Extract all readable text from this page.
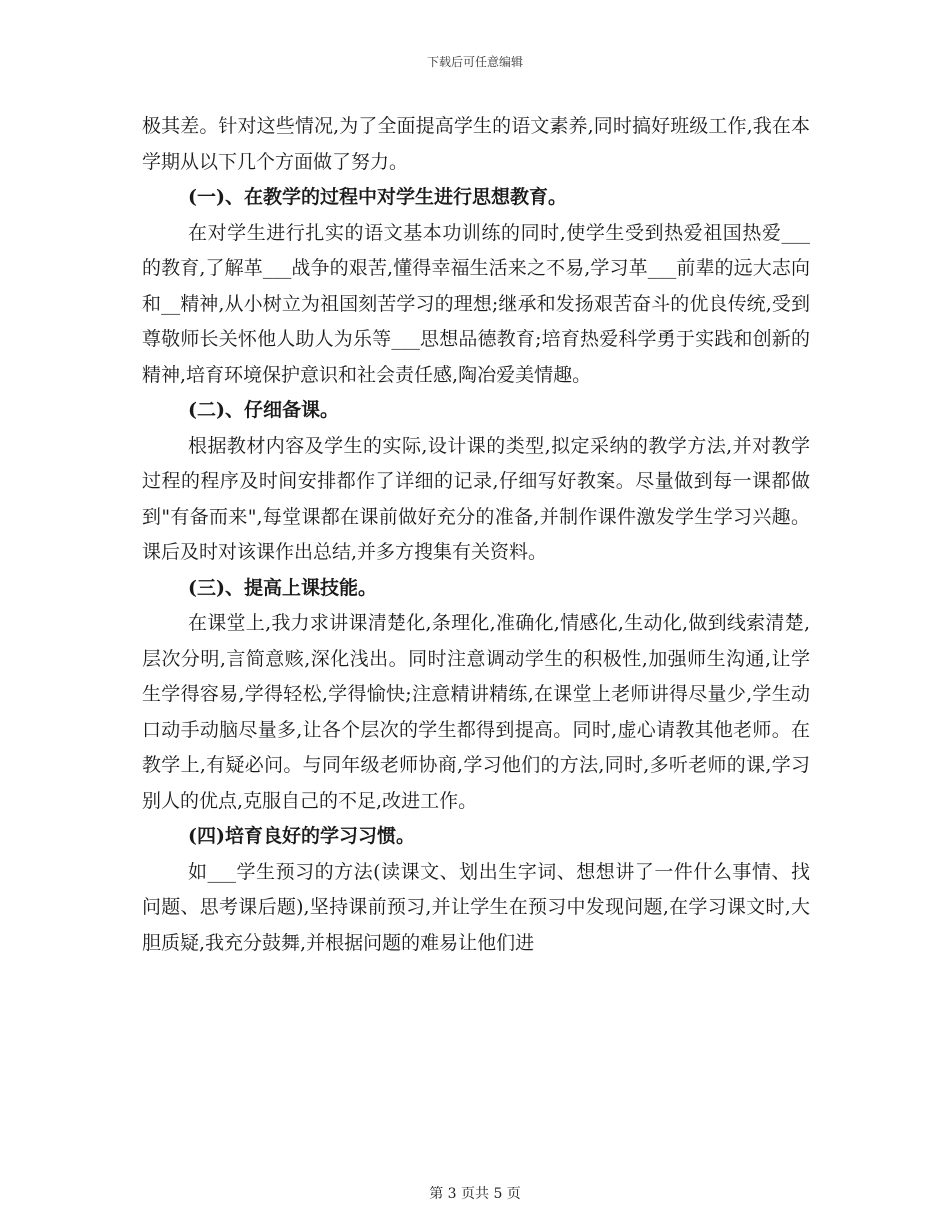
下载后可任意编辑

极其差。针对这些情况,为了全面提高学生的语文素养,同时搞好班级工作,我在本学期从以下几个方面做了努力。

(一)、在教学的过程中对学生进行思想教育。

在对学生进行扎实的语文基本功训练的同时,使学生受到热爱祖国热爱___的教育,了解革___战争的艰苦,懂得幸福生活来之不易,学习革___前辈的远大志向和__精神,从小树立为祖国刻苦学习的理想;继承和发扬艰苦奋斗的优良传统,受到尊敬师长关怀他人助人为乐等___思想品德教育;培育热爱科学勇于实践和创新的精神,培育环境保护意识和社会责任感,陶冶爱美情趣。

(二)、仔细备课。

根据教材内容及学生的实际,设计课的类型,拟定采纳的教学方法,并对教学过程的程序及时间安排都作了详细的记录,仔细写好教案。尽量做到每一课都做到"有备而来",每堂课都在课前做好充分的准备,并制作课件激发学生学习兴趣。课后及时对该课作出总结,并多方搜集有关资料。

(三)、提高上课技能。

在课堂上,我力求讲课清楚化,条理化,准确化,情感化,生动化,做到线索清楚,层次分明,言简意赅,深化浅出。同时注意调动学生的积极性,加强师生沟通,让学生学得容易,学得轻松,学得愉快;注意精讲精练,在课堂上老师讲得尽量少,学生动口动手动脑尽量多,让各个层次的学生都得到提高。同时,虚心请教其他老师。在教学上,有疑必问。与同年级老师协商,学习他们的方法,同时,多听老师的课,学习别人的优点,克服自己的不足,改进工作。

(四)培育良好的学习习惯。

如___学生预习的方法(读课文、划出生字词、想想讲了一件什么事情、找问题、思考课后题),坚持课前预习,并让学生在预习中发现问题,在学习课文时,大胆质疑,我充分鼓舞,并根据问题的难易让他们进

第 3 页共 5 页
